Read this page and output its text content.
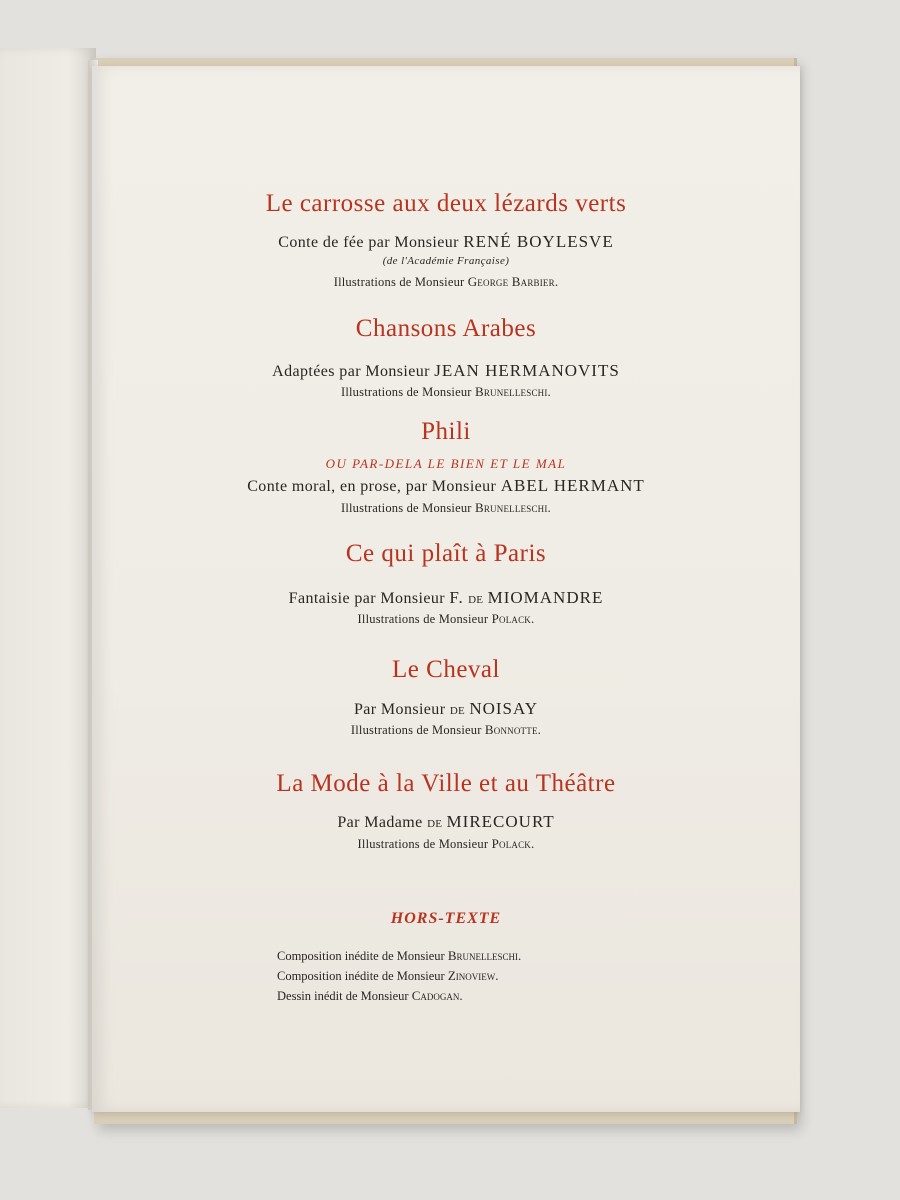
Le carrosse aux deux lézards verts

Conte de fée par Monsieur RENÉ BOYLESVE

(de l'Académie Française)

Illustrations de Monsieur George Barbier.

Chansons Arabes

Adaptées par Monsieur JEAN HERMANOVITS

Illustrations de Monsieur Brunelleschi.

Phili

OU PAR-DELA LE BIEN ET LE MAL

Conte moral, en prose, par Monsieur ABEL HERMANT

Illustrations de Monsieur Brunelleschi.

Ce qui plaît à Paris

Fantaisie par Monsieur F. de MIOMANDRE

Illustrations de Monsieur Polack.

Le Cheval

Par Monsieur de NOISAY

Illustrations de Monsieur Bonnotte.

La Mode à la Ville et au Théâtre

Par Madame de MIRECOURT

Illustrations de Monsieur Polack.

HORS-TEXTE

Composition inédite de Monsieur Brunelleschi.
Composition inédite de Monsieur Zinoview.
Dessin inédit de Monsieur Cadogan.
